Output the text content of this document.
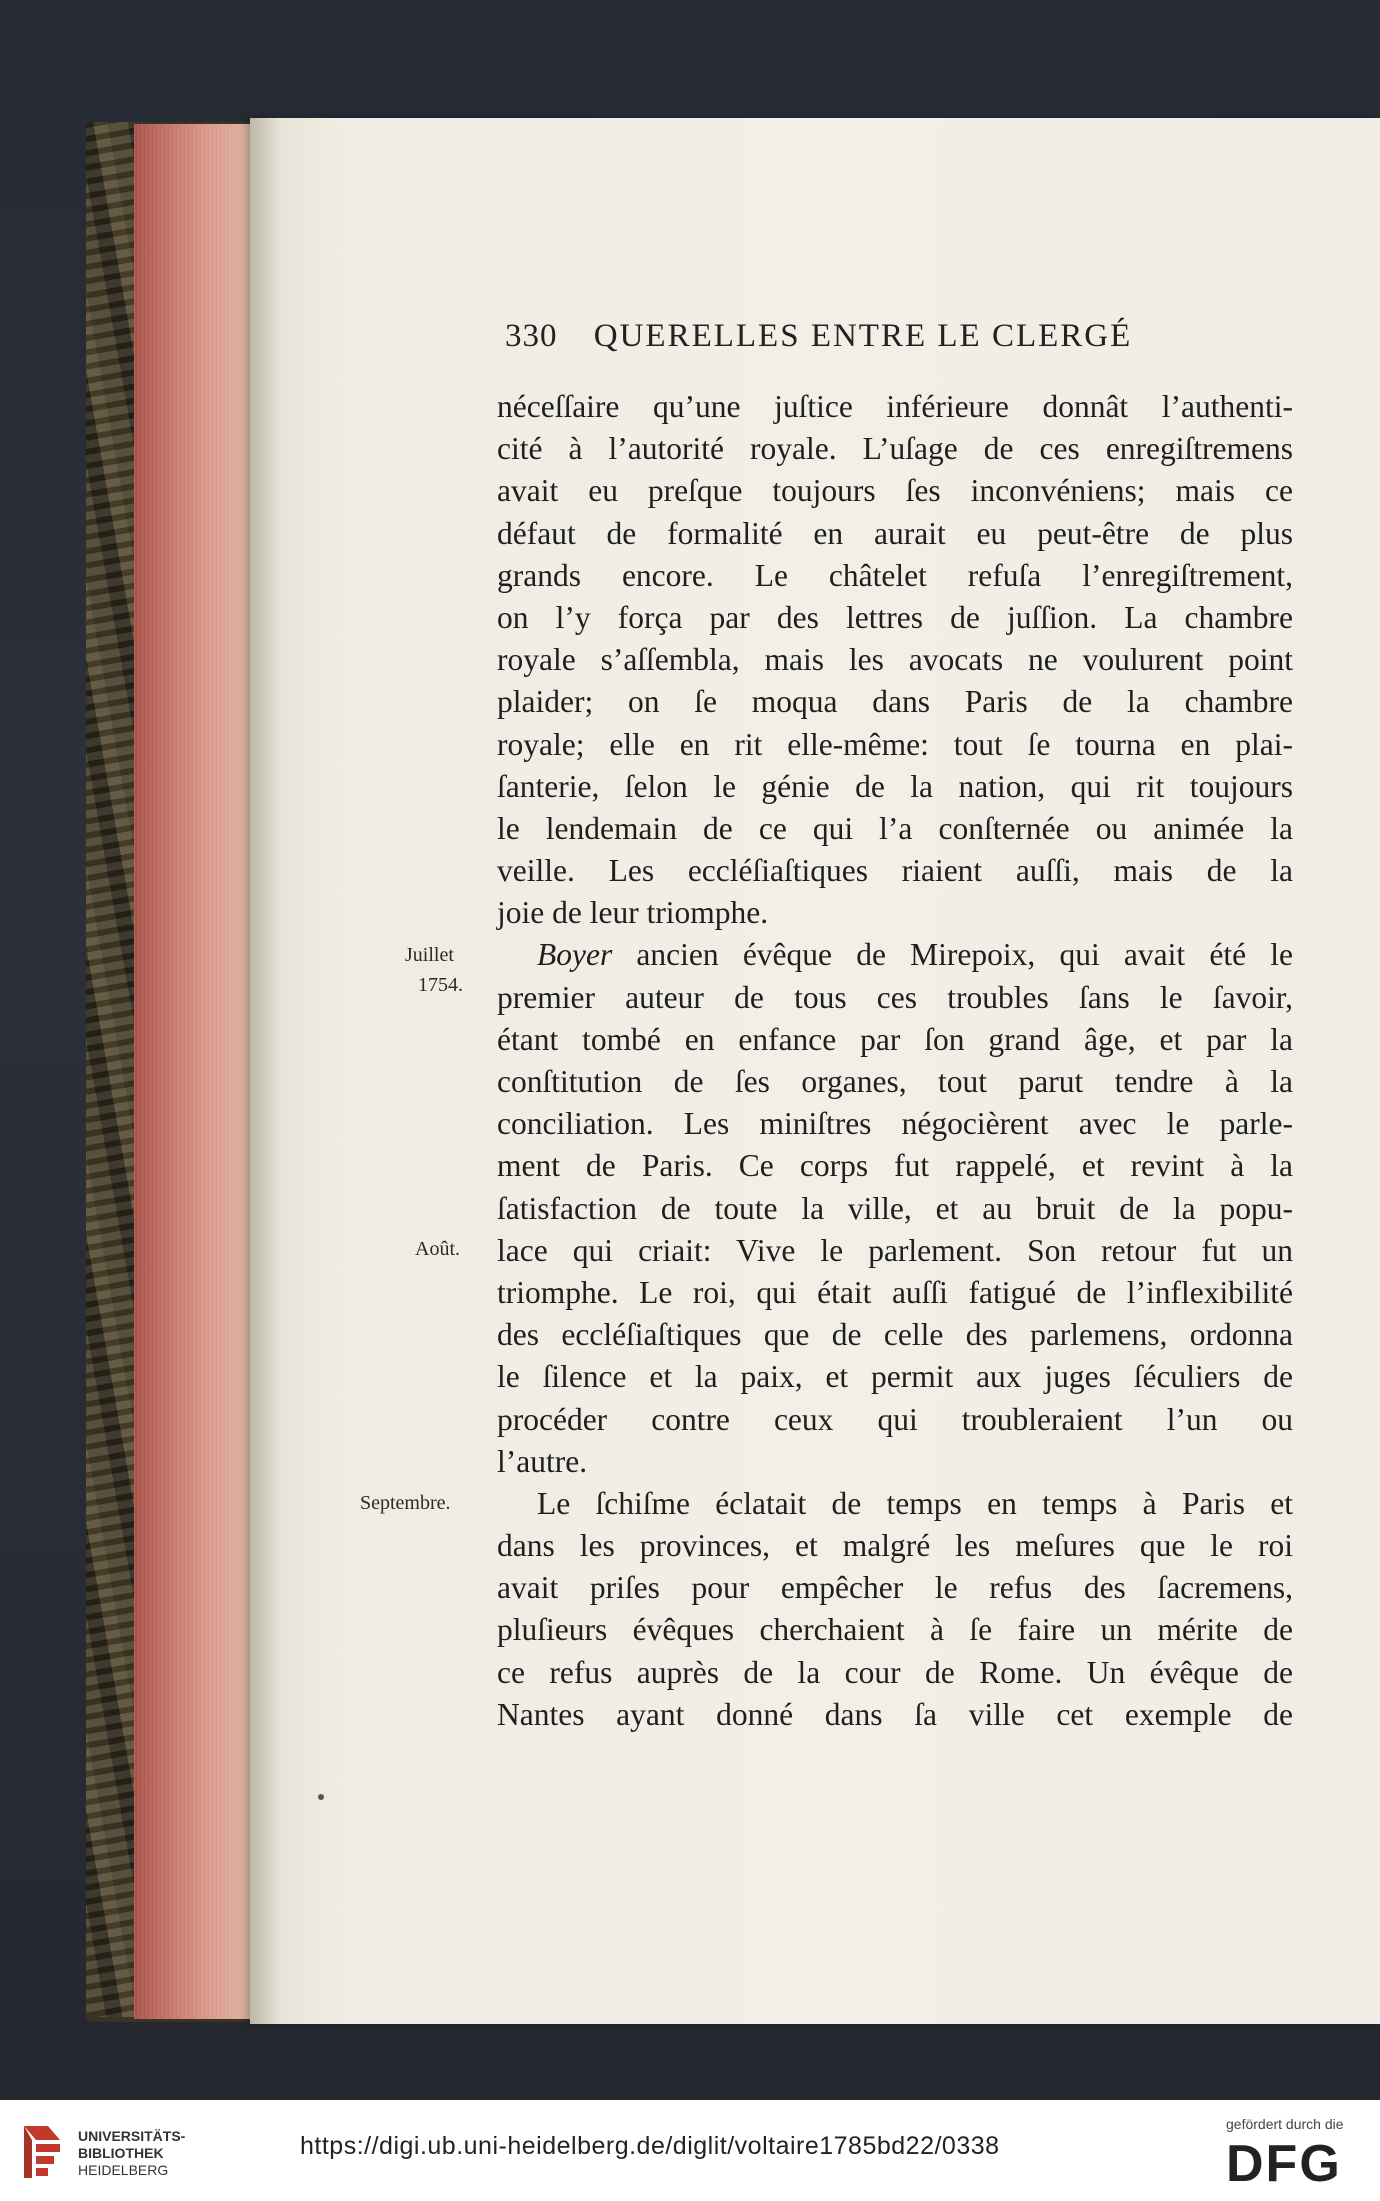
330 QUERELLES ENTRE LE CLERGÉ
néceſſaire qu’une juſtice inférieure donnât l’authenti-
cité à l’autorité royale. L’uſage de ces enregiſtremens
avait eu preſque toujours ſes inconvéniens; mais ce
défaut de formalité en aurait eu peut-être de plus
grands encore. Le châtelet refuſa l’enregiſtrement,
on l’y força par des lettres de juſſion. La chambre
royale s’aſſembla, mais les avocats ne voulurent point
plaider; on ſe moqua dans Paris de la chambre
royale; elle en rit elle-même: tout ſe tourna en plai-
ſanterie, ſelon le génie de la nation, qui rit toujours
le lendemain de ce qui l’a conſternée ou animée la
veille. Les eccléſiaſtiques riaient auſſi, mais de la
joie de leur triomphe.
Boyer ancien évêque de Mirepoix, qui avait été le
premier auteur de tous ces troubles ſans le ſavoir,
étant tombé en enfance par ſon grand âge, et par la
conſtitution de ſes organes, tout parut tendre à la
conciliation. Les miniſtres négocièrent avec le parle-
ment de Paris. Ce corps fut rappelé, et revint à la
ſatisfaction de toute la ville, et au bruit de la popu-
lace qui criait: Vive le parlement. Son retour fut un
triomphe. Le roi, qui était auſſi fatigué de l’inflexibilité
des eccléſiaſtiques que de celle des parlemens, ordonna
le ſilence et la paix, et permit aux juges ſéculiers de
procéder contre ceux qui troubleraient l’un ou
l’autre.
Le ſchiſme éclatait de temps en temps à Paris et
dans les provinces, et malgré les meſures que le roi
avait priſes pour empêcher le refus des ſacremens,
pluſieurs évêques cherchaient à ſe faire un mérite de
ce refus auprès de la cour de Rome. Un évêque de
Nantes ayant donné dans ſa ville cet exemple de
Juillet
1754.
Août.
Septembre.
UNIVERSITÄTS-
BIBLIOTHEK
HEIDELBERG
https://digi.ub.uni-heidelberg.de/diglit/voltaire1785bd22/0338
gefördert durch die
DFG
